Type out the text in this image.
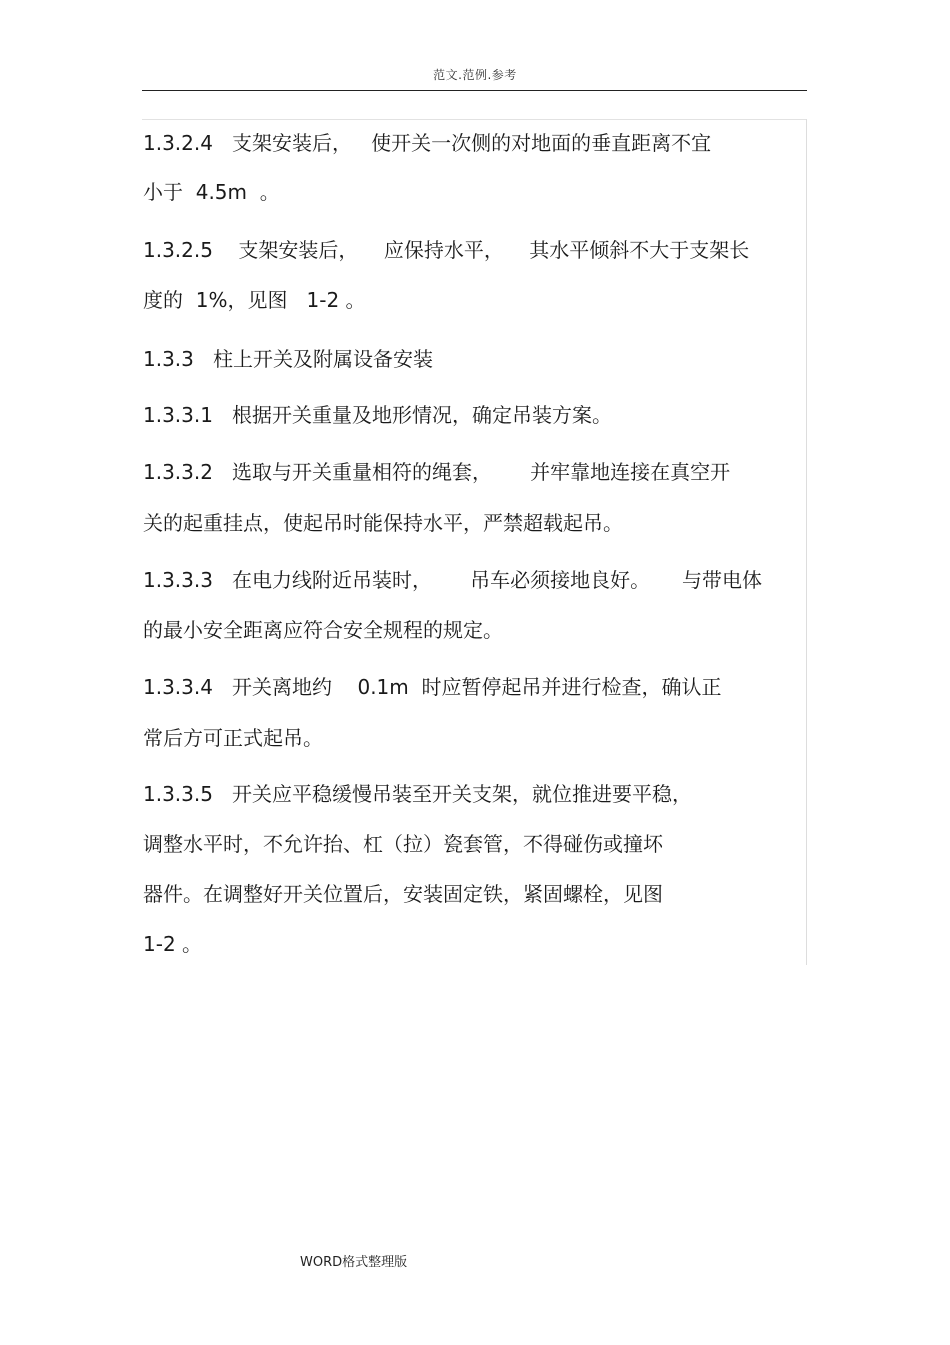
范文.范例.参考
1.3.2.4   支架安装后，   使开关一次侧的对地面的垂直距离不宜
小于  4.5m  。
1.3.2.5    支架安装后，    应保持水平，    其水平倾斜不大于支架长
度的  1%，见图   1-2 。
1.3.3   柱上开关及附属设备安装
1.3.3.1   根据开关重量及地形情况，确定吊装方案。
1.3.3.2   选取与开关重量相符的绳套，      并牢靠地连接在真空开
关的起重挂点，使起吊时能保持水平，严禁超载起吊。
1.3.3.3   在电力线附近吊装时，      吊车必须接地良好。     与带电体
的最小安全距离应符合安全规程的规定。
1.3.3.4   开关离地约    0.1m  时应暂停起吊并进行检查，确认正
常后方可正式起吊。
1.3.3.5   开关应平稳缓慢吊装至开关支架，就位推进要平稳，
调整水平时，不允许抬、杠（拉）瓷套管，不得碰伤或撞坏
器件。在调整好开关位置后，安装固定铁，紧固螺栓，见图
1-2 。
WORD格式整理版
